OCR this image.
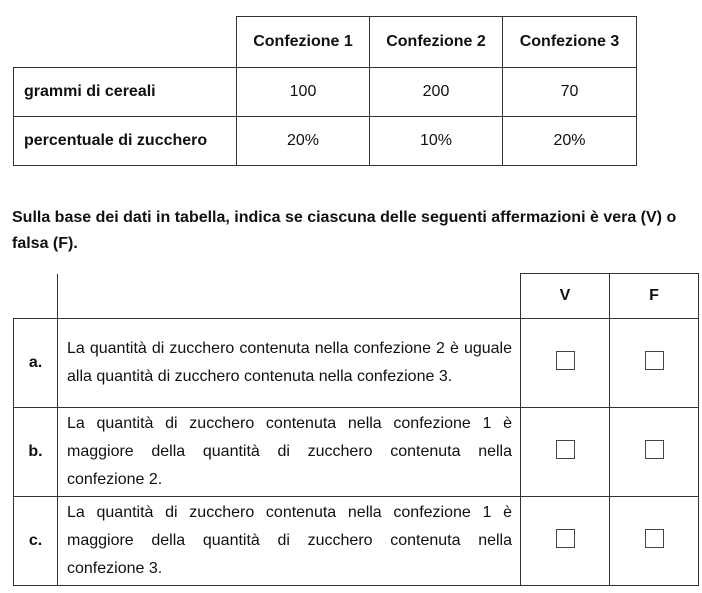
	Confezione 1	Confezione 2	Confezione 3
grammi di cereali	100	200	70
percentuale di zucchero	20%	10%	20%

Sulla base dei dati in tabella, indica se ciascuna delle seguenti affermazioni è vera (V) o falsa (F).

		V	F
a.	La quantità di zucchero contenuta nella confezione 2 è uguale alla quantità di zucchero contenuta nella confezione 3.		
b.	La quantità di zucchero contenuta nella confezione 1 è maggiore della quantità di zucchero contenuta nella confezione 2.		
c.	La quantità di zucchero contenuta nella confezione 1 è maggiore della quantità di zucchero contenuta nella confezione 3.		
